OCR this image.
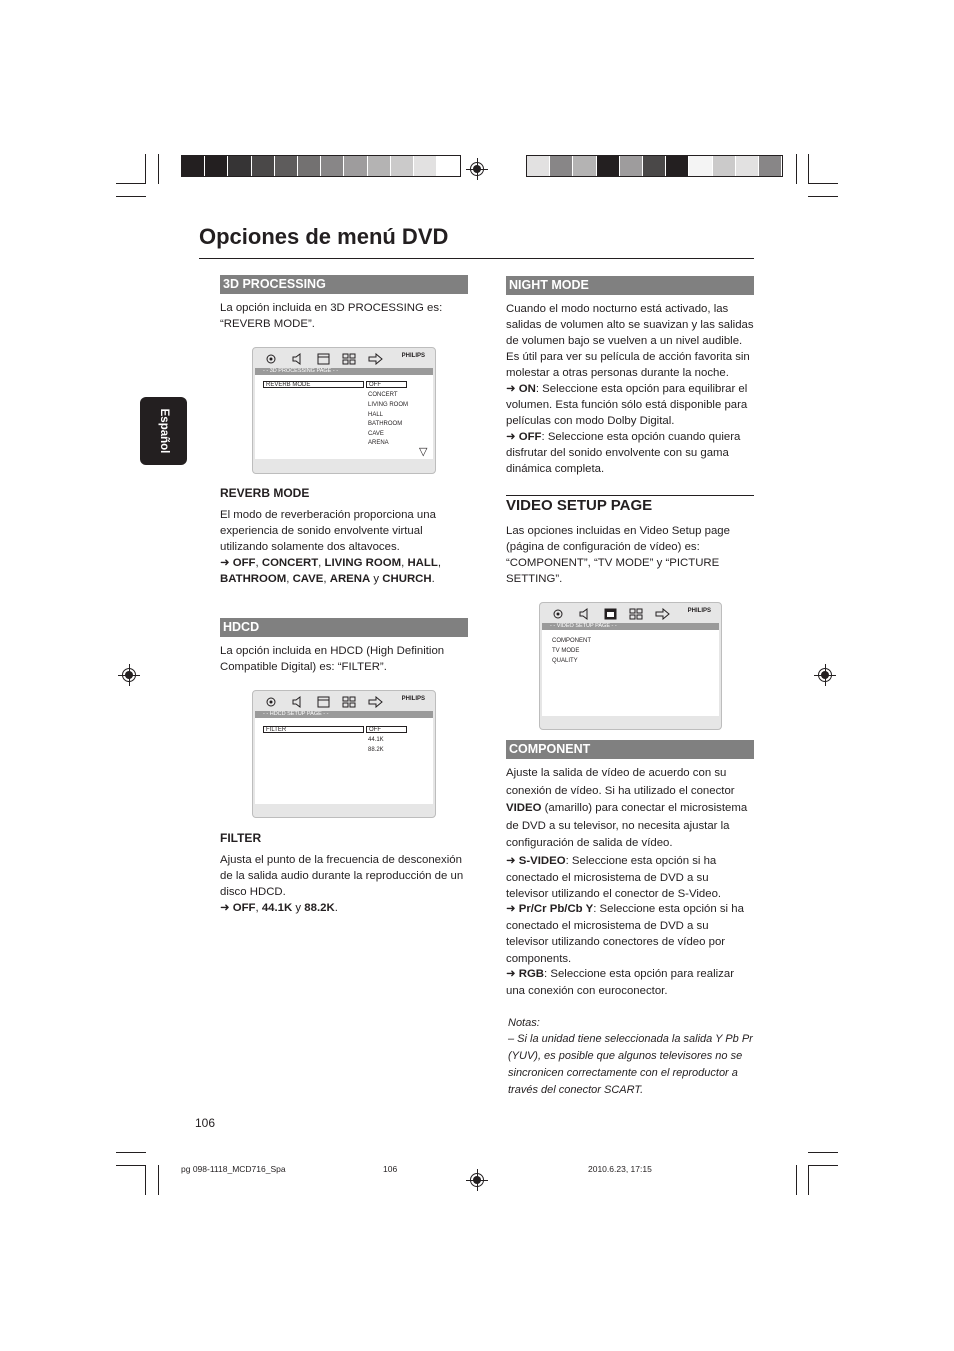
Opciones de menú DVD
Español
3D PROCESSING
La opción incluida en 3D PROCESSING es: “REVERB MODE”.
PHILIPS
- - 3D PROCESSING PAGE - -
REVERB MODE	OFF
CONCERT
LIVING ROOM
HALL
BATHROOM
CAVE
ARENA
▽
REVERB MODE
El modo de reverberación proporciona una experiencia de sonido envolvente virtual utilizando solamente dos altavoces.
➜ OFF, CONCERT, LIVING ROOM, HALL, BATHROOM, CAVE, ARENA y CHURCH.
HDCD
La opción incluida en HDCD (High Definition Compatible Digital) es: “FILTER”.
PHILIPS
- - HDCD SETUP PAGE - -
FILTER	OFF
44.1K
88.2K
FILTER
Ajusta el punto de la frecuencia de desconexión de la salida audio durante la reproducción de un disco HDCD.
➜ OFF, 44.1K y 88.2K.
NIGHT MODE
Cuando el modo nocturno está activado, las salidas de volumen alto se suavizan y las salidas de volumen bajo se vuelven a un nivel audible. Es útil para ver su película de acción favorita sin molestar a otras personas durante la noche.
➜ ON: Seleccione esta opción para equilibrar el volumen. Esta función sólo está disponible para películas con modo Dolby Digital.
➜ OFF: Seleccione esta opción cuando quiera disfrutar del sonido envolvente con su gama dinámica completa.
VIDEO SETUP PAGE
Las opciones incluidas en Video Setup page (página de configuración de vídeo) es: “COMPONENT”, “TV MODE” y “PICTURE SETTING”.
PHILIPS
- - VIDEO SETUP PAGE - -
COMPONENT
TV MODE
QUALITY
COMPONENT
Ajuste la salida de vídeo de acuerdo con su conexión de vídeo. Si ha utilizado el conector VIDEO (amarillo) para conectar el microsistema de DVD a su televisor, no necesita ajustar la configuración de salida de vídeo.
➜ S-VIDEO: Seleccione esta opción si ha conectado el microsistema de DVD a su televisor utilizando el conector de S-Video.
➜ Pr/Cr Pb/Cb Y: Seleccione esta opción si ha conectado el microsistema de DVD a su televisor utilizando conectores de vídeo por components.
➜ RGB: Seleccione esta opción para realizar una conexión con euroconector.
Notas:
– Si la unidad tiene seleccionada la salida Y Pb Pr (YUV), es posible que algunos televisores no se sincronicen correctamente con el reproductor a través del conector SCART.
106
pg 098-1118_MCD716_Spa	106	2010.6.23, 17:15
